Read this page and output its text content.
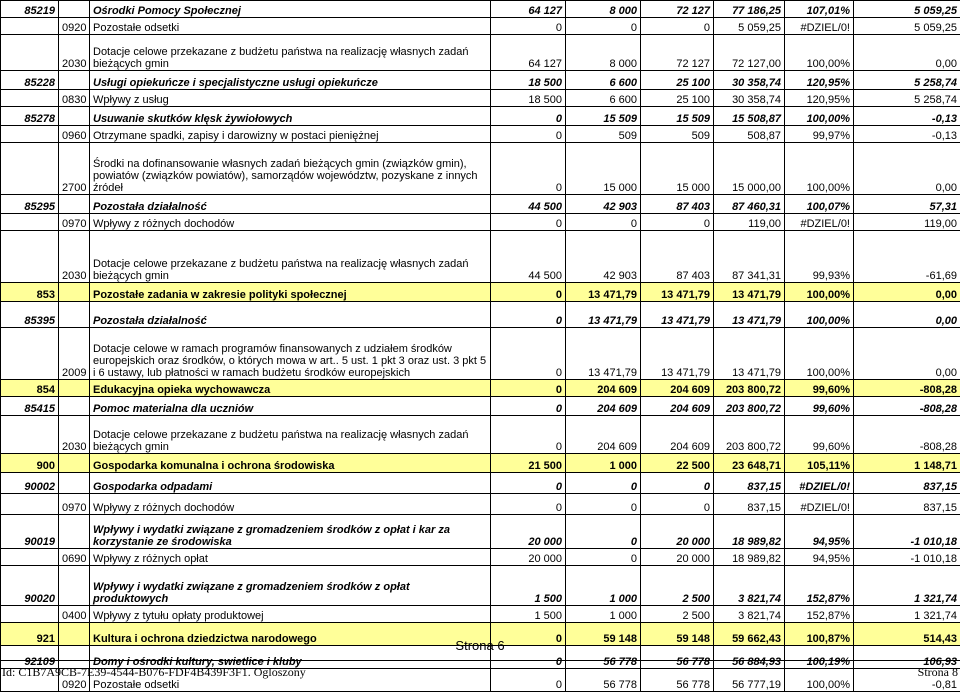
85219		Ośrodki Pomocy Społecznej	64 127	8 000	72 127	77 186,25	107,01%	5 059,25
	0920	Pozostałe odsetki	0	0	0	5 059,25	#DZIEL/0!	5 059,25
	2030	Dotacje celowe przekazane z budżetu państwa na realizację własnych zadań bieżących gmin	64 127	8 000	72 127	72 127,00	100,00%	0,00
85228		Usługi opiekuńcze i specjalistyczne usługi opiekuńcze	18 500	6 600	25 100	30 358,74	120,95%	5 258,74
	0830	Wpływy z usług	18 500	6 600	25 100	30 358,74	120,95%	5 258,74
85278		Usuwanie skutków klęsk żywiołowych	0	15 509	15 509	15 508,87	100,00%	-0,13
	0960	Otrzymane spadki, zapisy i darowizny w postaci pieniężnej	0	509	509	508,87	99,97%	-0,13
	2700	Środki na dofinansowanie własnych zadań bieżących gmin (związków gmin), powiatów (związków powiatów), samorządów województw, pozyskane z innych źródeł	0	15 000	15 000	15 000,00	100,00%	0,00
85295		Pozostała działalność	44 500	42 903	87 403	87 460,31	100,07%	57,31
	0970	Wpływy z różnych dochodów	0	0	0	119,00	#DZIEL/0!	119,00
	2030	Dotacje celowe przekazane z budżetu państwa na realizację własnych zadań bieżących gmin	44 500	42 903	87 403	87 341,31	99,93%	-61,69
853		Pozostałe zadania w zakresie polityki społecznej	0	13 471,79	13 471,79	13 471,79	100,00%	0,00
85395		Pozostała działalność	0	13 471,79	13 471,79	13 471,79	100,00%	0,00
	2009	Dotacje celowe w ramach programów finansowanych z udziałem środków europejskich oraz środków, o których mowa w art.. 5 ust. 1 pkt 3 oraz ust. 3 pkt 5 i 6 ustawy, lub płatności w ramach budżetu środków europejskich	0	13 471,79	13 471,79	13 471,79	100,00%	0,00
854		Edukacyjna opieka wychowawcza	0	204 609	204 609	203 800,72	99,60%	-808,28
85415		Pomoc materialna dla uczniów	0	204 609	204 609	203 800,72	99,60%	-808,28
	2030	Dotacje celowe przekazane z budżetu państwa na realizację własnych zadań bieżących gmin	0	204 609	204 609	203 800,72	99,60%	-808,28
900		Gospodarka komunalna i ochrona środowiska	21 500	1 000	22 500	23 648,71	105,11%	1 148,71
90002		Gospodarka odpadami	0	0	0	837,15	#DZIEL/0!	837,15
	0970	Wpływy z różnych dochodów	0	0	0	837,15	#DZIEL/0!	837,15
90019		Wpływy i wydatki związane z gromadzeniem środków z opłat i kar za korzystanie ze środowiska	20 000	0	20 000	18 989,82	94,95%	-1 010,18
	0690	Wpływy z różnych opłat	20 000	0	20 000	18 989,82	94,95%	-1 010,18
90020		Wpływy i wydatki związane z gromadzeniem środków z opłat produktowych	1 500	1 000	2 500	3 821,74	152,87%	1 321,74
	0400	Wpływy z tytułu opłaty produktowej	1 500	1 000	2 500	3 821,74	152,87%	1 321,74
921		Kultura i ochrona dziedzictwa narodowego	0	59 148	59 148	59 662,43	100,87%	514,43
92109		Domy i ośrodki kultury, swietlice i kluby	0	56 778	56 778	56 884,93	100,19%	106,93
	0920	Pozostałe odsetki	0	56 778	56 778	56 777,19	100,00%	-0,81
Strona 6
Id: C1B7A9CB-7E39-4544-B076-FDF4B439F3F1. Ogloszony	Strona 8
